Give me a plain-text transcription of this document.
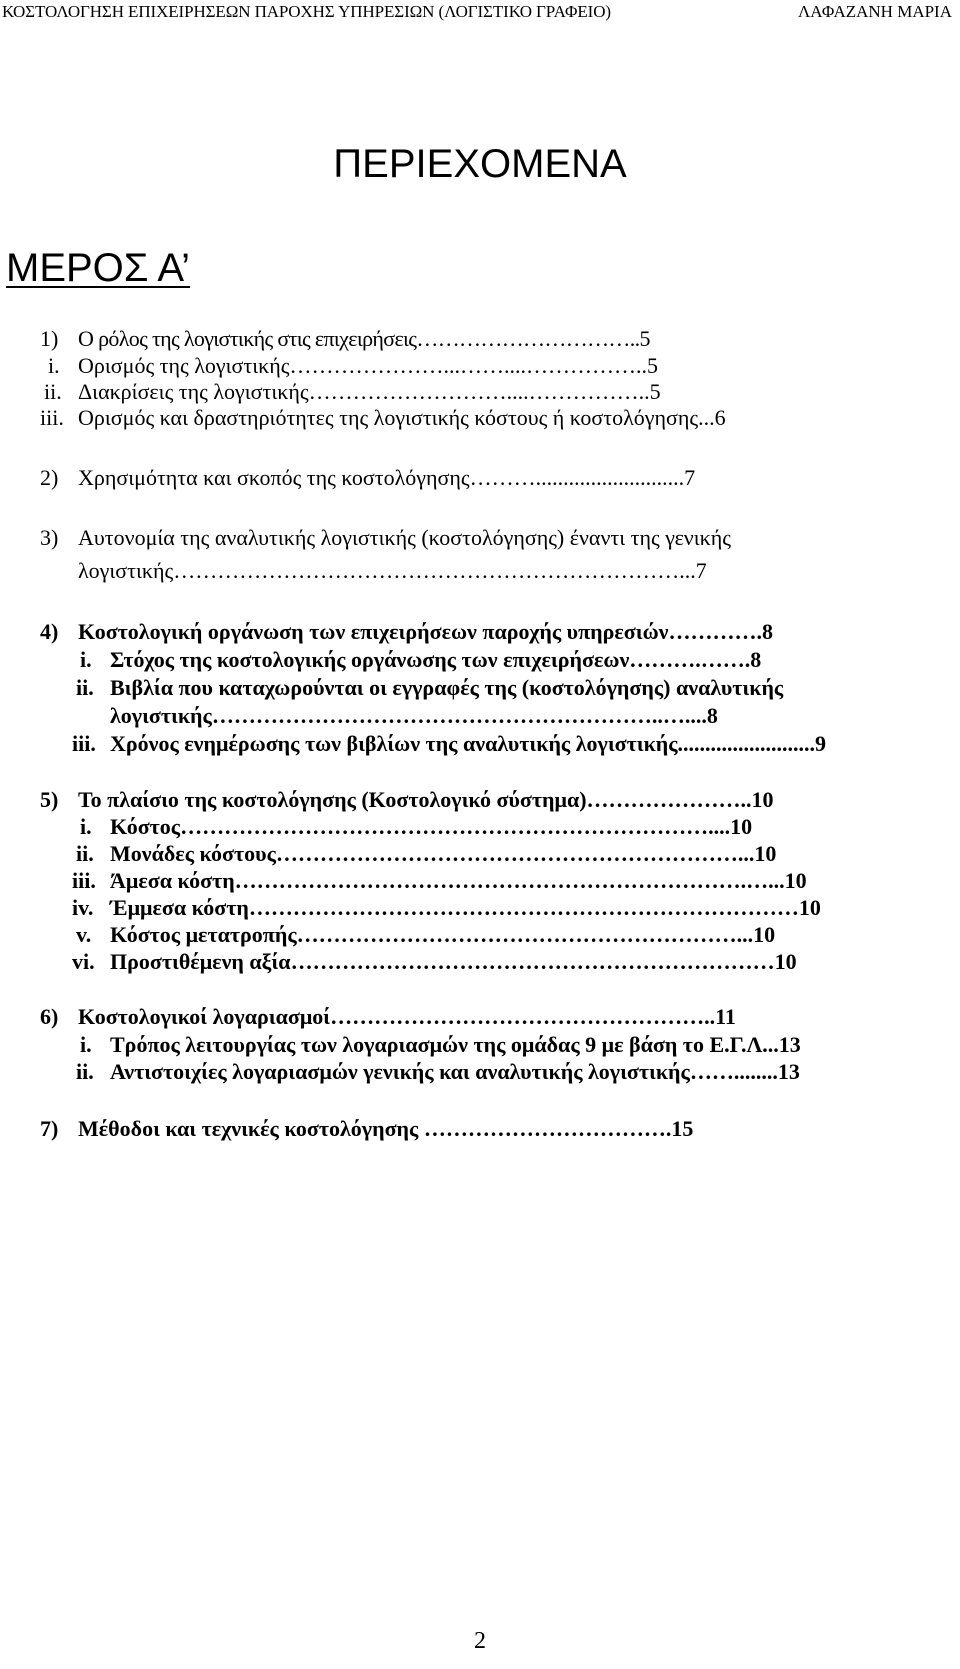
ΚΟΣΤΟΛΟΓΗΣΗ ΕΠΙΧΕΙΡΗΣΕΩΝ ΠΑΡΟΧΗΣ ΥΠΗΡΕΣΙΩΝ (ΛΟΓΙΣΤΙΚΟ ΓΡΑΦΕΙΟ)	ΛΑΦΑΖΑΝΗ ΜΑΡΙΑ
ΠΕΡΙΕΧΟΜΕΝΑ
ΜΕΡΟΣ Α’
1) Ο ρόλος της λογιστικής στις επιχειρήσεις…………………………..5
i. Ορισμός της λογιστικής…………………...……....……………..5
ii. Διακρίσεις της λογιστικής………………………....……………..5
iii. Ορισμός και δραστηριότητες της λογιστικής κόστους ή κοστολόγησης...6
2) Χρησιμότητα και σκοπός της κοστολόγησης………...........................7
3) Αυτονομία της αναλυτικής λογιστικής (κοστολόγησης) έναντι της γενικής
λογιστικής……………………………………………………………...7
4) Κοστολογική οργάνωση των επιχειρήσεων παροχής υπηρεσιών………….8
i. Στόχος της κοστολογικής οργάνωσης των επιχειρήσεων……….…….8
ii. Βιβλία που καταχωρούνται οι εγγραφές της (κοστολόγησης) αναλυτικής
λογιστικής……………………………………………………..…....8
iii. Χρόνος ενημέρωσης των βιβλίων της αναλυτικής λογιστικής.........................9
5) Το πλαίσιο της κοστολόγησης (Κοστολογικό σύστημα)…………………..10
i. Κόστος………………………………………………………………....10
ii. Μονάδες κόστους………………………………………………………...10
iii. Άμεσα κόστη…………………………………………………………….…...10
iv. Έμμεσα κόστη…………………………………………………………………10
v. Κόστος μετατροπής……………………………………………………...10
vi. Προστιθέμενη αξία…………………………………………………………10
6) Κοστολογικοί λογαριασμοί……………………………………………..11
i. Τρόπος λειτουργίας των λογαριασμών της ομάδας 9 με βάση το Ε.Γ.Λ...13
ii. Αντιστοιχίες λογαριασμών γενικής και αναλυτικής λογιστικής……........13
7) Μέθοδοι και τεχνικές κοστολόγησης …………………………….15
2
